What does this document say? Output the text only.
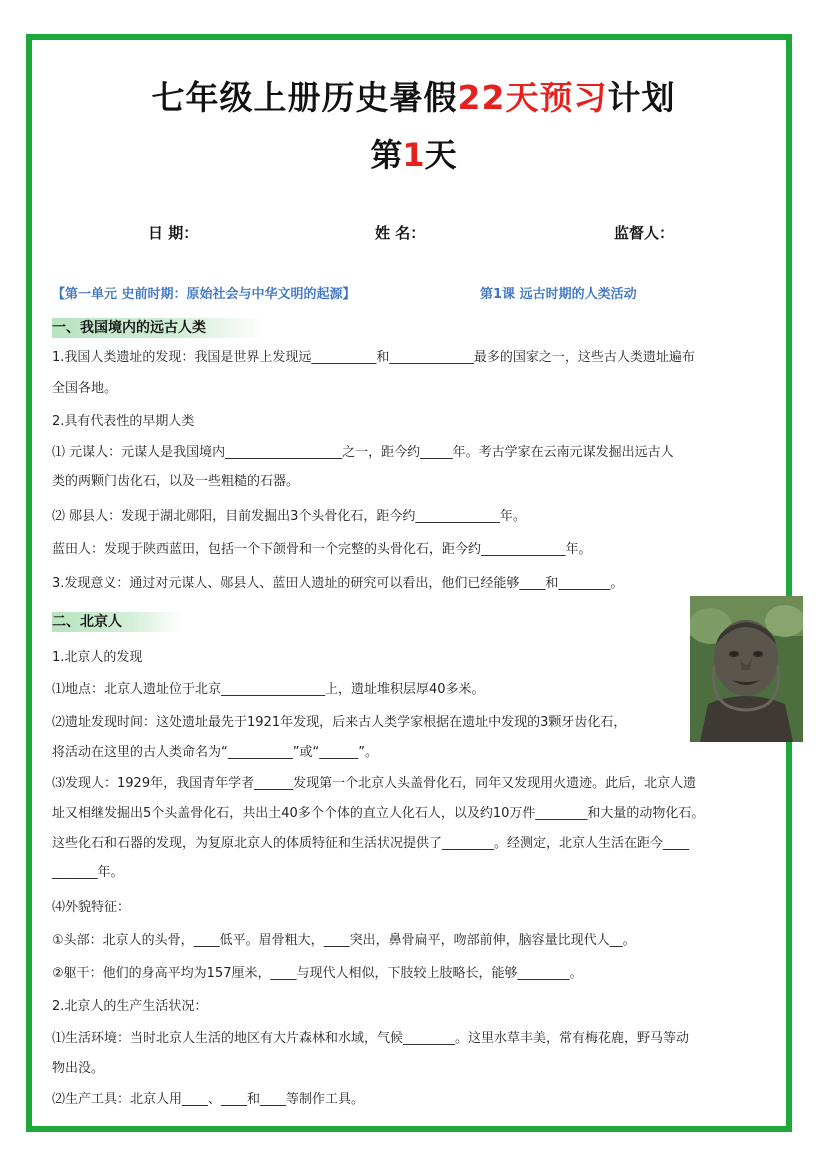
七年级上册历史暑假22天预习计划
第1天
日 期：	姓 名：	监督人：
【第一单元 史前时期：原始社会与中华文明的起源】	第1课 远古时期的人类活动
一、我国境内的远古人类
1.我国人类遗址的发现：我国是世界上发现远__________和_____________最多的国家之一，这些古人类遗址遍布
全国各地。
2.具有代表性的早期人类
⑴ 元谋人：元谋人是我国境内__________________之一，距今约_____年。考古学家在云南元谋发掘出远古人
类的两颗门齿化石，以及一些粗糙的石器。
⑵ 郧县人：发现于湖北郧阳，目前发掘出3个头骨化石，距今约_____________年。
蓝田人：发现于陕西蓝田，包括一个下颌骨和一个完整的头骨化石，距今约_____________年。
3.发现意义：通过对元谋人、郧县人、蓝田人遗址的研究可以看出，他们已经能够____和________。
二、北京人
1.北京人的发现
⑴地点：北京人遗址位于北京________________上，遗址堆积层厚40多米。
⑵遗址发现时间：这处遗址最先于1921年发现，后来古人类学家根据在遗址中发现的3颗牙齿化石，
将活动在这里的古人类命名为“__________”或“______”。
⑶发现人：1929年，我国青年学者______发现第一个北京人头盖骨化石，同年又发现用火遗迹。此后，北京人遗
址又相继发掘出5个头盖骨化石，共出土40多个个体的直立人化石人，以及约10万件________和大量的动物化石。
这些化石和石器的发现，为复原北京人的体质特征和生活状况提供了________。经测定，北京人生活在距今____
_______年。
⑷外貌特征：
①头部：北京人的头骨，____低平。眉骨粗大，____突出，鼻骨扁平，吻部前伸，脑容量比现代人__。
②躯干：他们的身高平均为157厘米，____与现代人相似，下肢较上肢略长，能够________。
2.北京人的生产生活状况：
⑴生活环境：当时北京人生活的地区有大片森林和水域，气候________。这里水草丰美，常有梅花鹿，野马等动
物出没。
⑵生产工具：北京人用____、____和____等制作工具。
